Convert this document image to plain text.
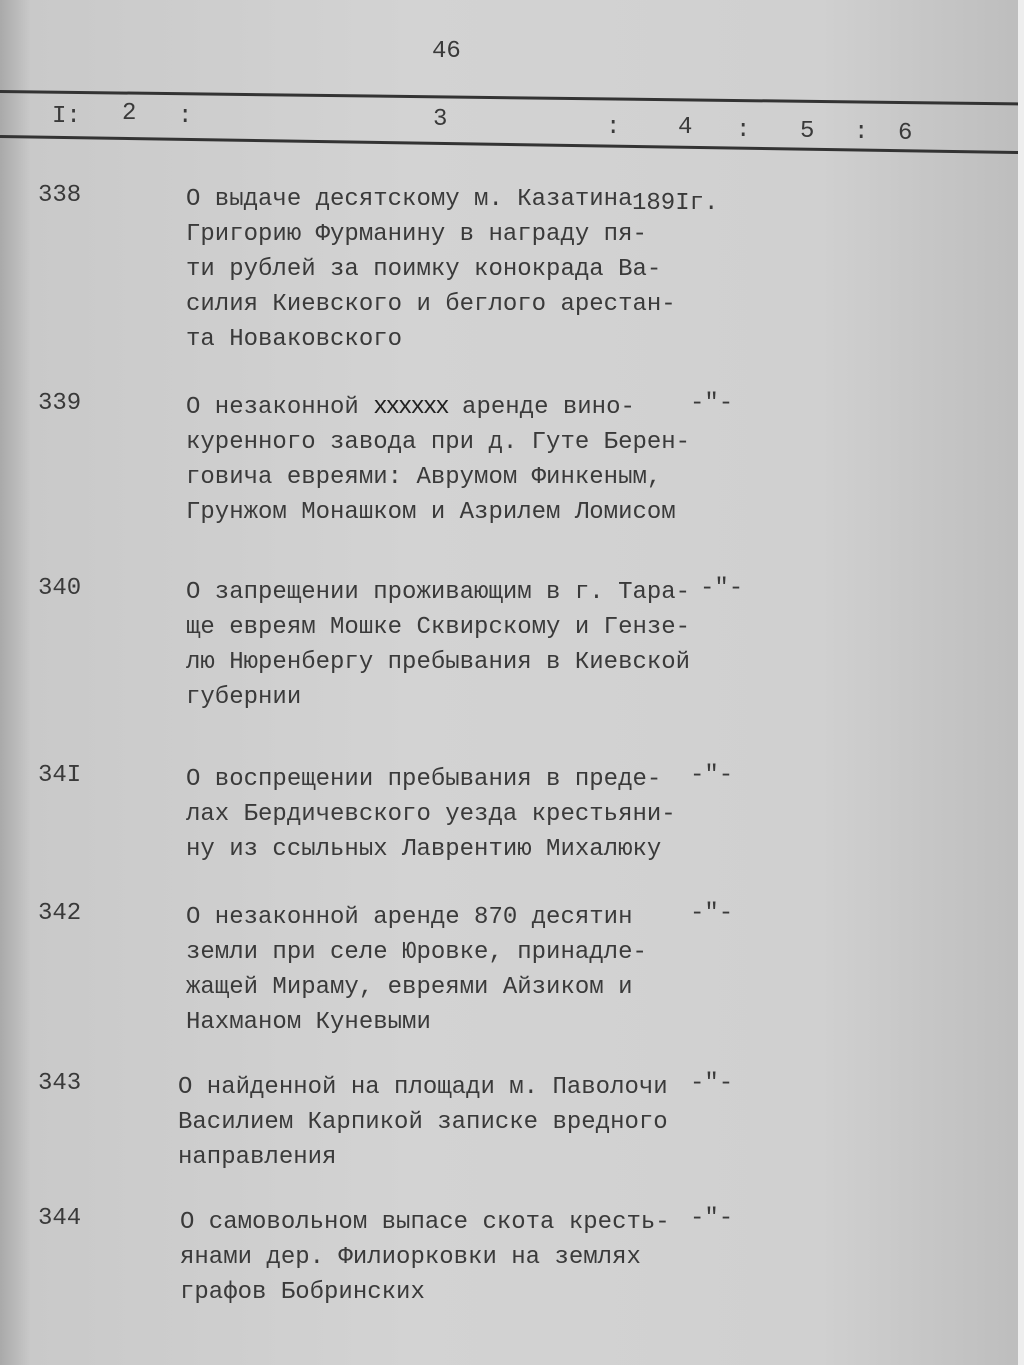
46
I: 2 :	3	: 4 : 5 : 6
338	О выдаче десятскому м. Казатина
Григорию Фурманину в награду пя-
ти рублей за поимку конокрада Ва-
силия Киевского и беглого арестан-
та Новаковского
189Iг.
339	О незаконной хххххх аренде вино-
куренного завода при д. Гуте Берен-
говича евреями: Аврумом Финкеным,
Грунжом Монашком и Азрилем Ломисом
-"-
340	О запрещении проживающим в г. Тара-
ще евреям Мошке Сквирскому и Гензе-
лю Нюренбергу пребывания в Киевской
губернии
-"-
34I	О воспрещении пребывания в преде-
лах Бердичевского уезда крестьяни-
ну из ссыльных Лаврентию Михалюку
-"-
342	О незаконной аренде 870 десятин
земли при селе Юровке, принадле-
жащей Мираму, евреями Айзиком и
Нахманом Куневыми
-"-
343	О найденной на площади м. Паволочи
Василием Карпикой записке вредного
направления
-"-
344	О самовольном выпасе скота кресть-
янами дер. Филиорковки на землях
графов Бобринских
-"-
